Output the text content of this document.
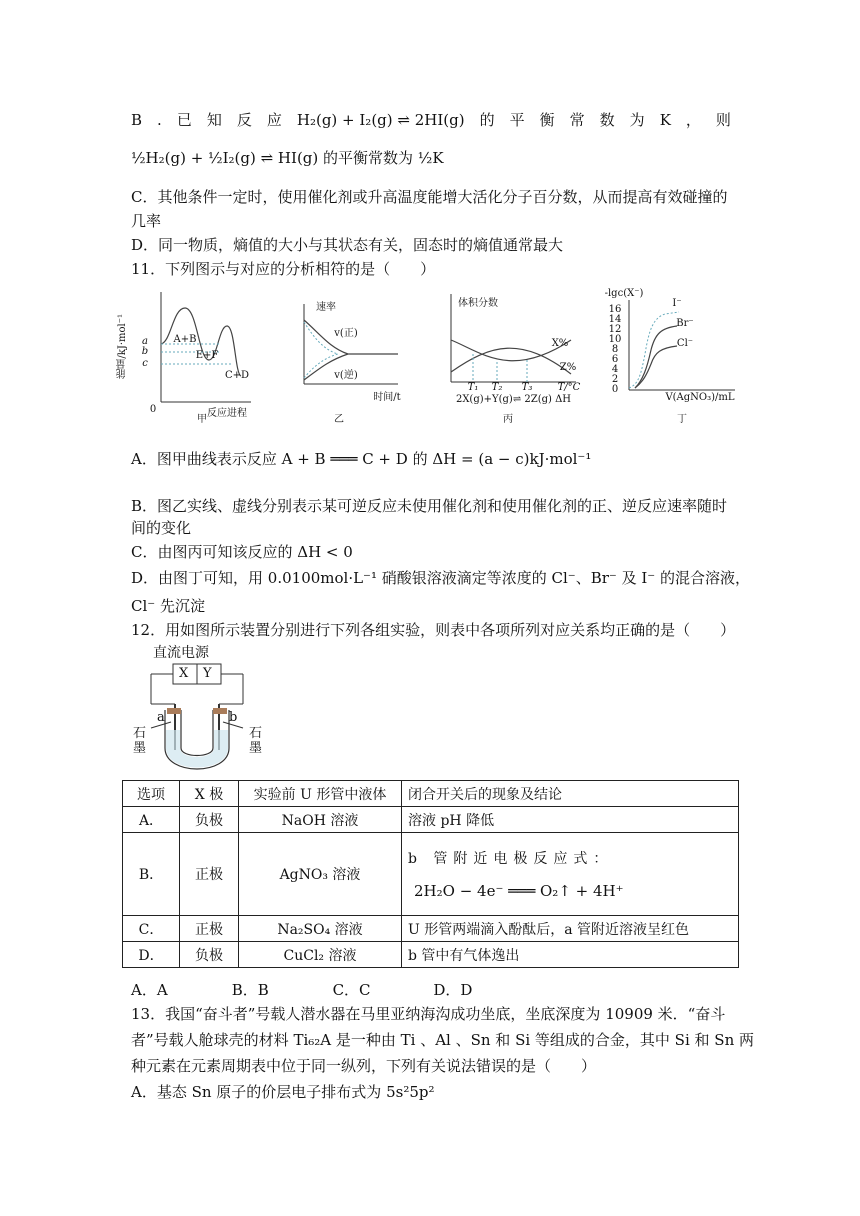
B . 已 知 反 应 H₂(g) + I₂(g) ⇌ 2HI(g) 的 平 衡 常 数 为 K ， 则
½H₂(g) + ½I₂(g) ⇌ HI(g) 的平衡常数为 ½K
C．其他条件一定时，使用催化剂或升高温度能增大活化分子百分数，从而提高有效碰撞的
几率
D．同一物质，熵值的大小与其状态有关，固态时的熵值通常最大
11．下列图示与对应的分析相符的是（　　）
能量/kJ·mol⁻¹	a
b
c
A+B
E+F
C+D
0	反应进程
甲
速率
v(正)
v(逆)
时间/t
乙
体积分数
X%
Z%
T₁	T₂	T₃	T/°C
2X(g)+Y(g)⇌ 2Z(g) ΔH
丙
-lgc(X⁻)
16
14
12
10
8
6
4
2
0
I⁻
Br⁻
Cl⁻
V(AgNO₃)/mL
丁
A．图甲曲线表示反应 A + B ═══ C + D 的 ΔH = (a − c)kJ·mol⁻¹
B．图乙实线、虚线分别表示某可逆反应未使用催化剂和使用催化剂的正、逆反应速率随时
间的变化
C．由图丙可知该反应的 ΔH < 0
D．由图丁可知，用 0.0100mol·L⁻¹ 硝酸银溶液滴定等浓度的 Cl⁻、Br⁻ 及 I⁻ 的混合溶液，
Cl⁻ 先沉淀
12．用如图所示装置分别进行下列各组实验，则表中各项所列对应关系均正确的是（　　）
直流电源
X Y
a	b
石墨
石墨
选项	X 极	实验前 U 形管中液体	闭合开关后的现象及结论
A．	负极	NaOH 溶液	溶液 pH 降低
B．	正极	AgNO₃ 溶液	b 管附近电极反应式：
2H₂O − 4e⁻ ═══ O₂↑ + 4H⁺

C．	正极	Na₂SO₄ 溶液	U 形管两端滴入酚酞后，a 管附近溶液呈红色
D．	负极	CuCl₂ 溶液	b 管中有气体逸出
A．A	B．B	C．C	D．D
13．我国“奋斗者”号载人潜水器在马里亚纳海沟成功坐底，坐底深度为 10909 米．“奋斗
者”号载人舱球壳的材料 Ti₆₂A 是一种由 Ti 、Al 、Sn 和 Si 等组成的合金，其中 Si 和 Sn 两
种元素在元素周期表中位于同一纵列，下列有关说法错误的是（　　）
A．基态 Sn 原子的价层电子排布式为 5s²5p²
